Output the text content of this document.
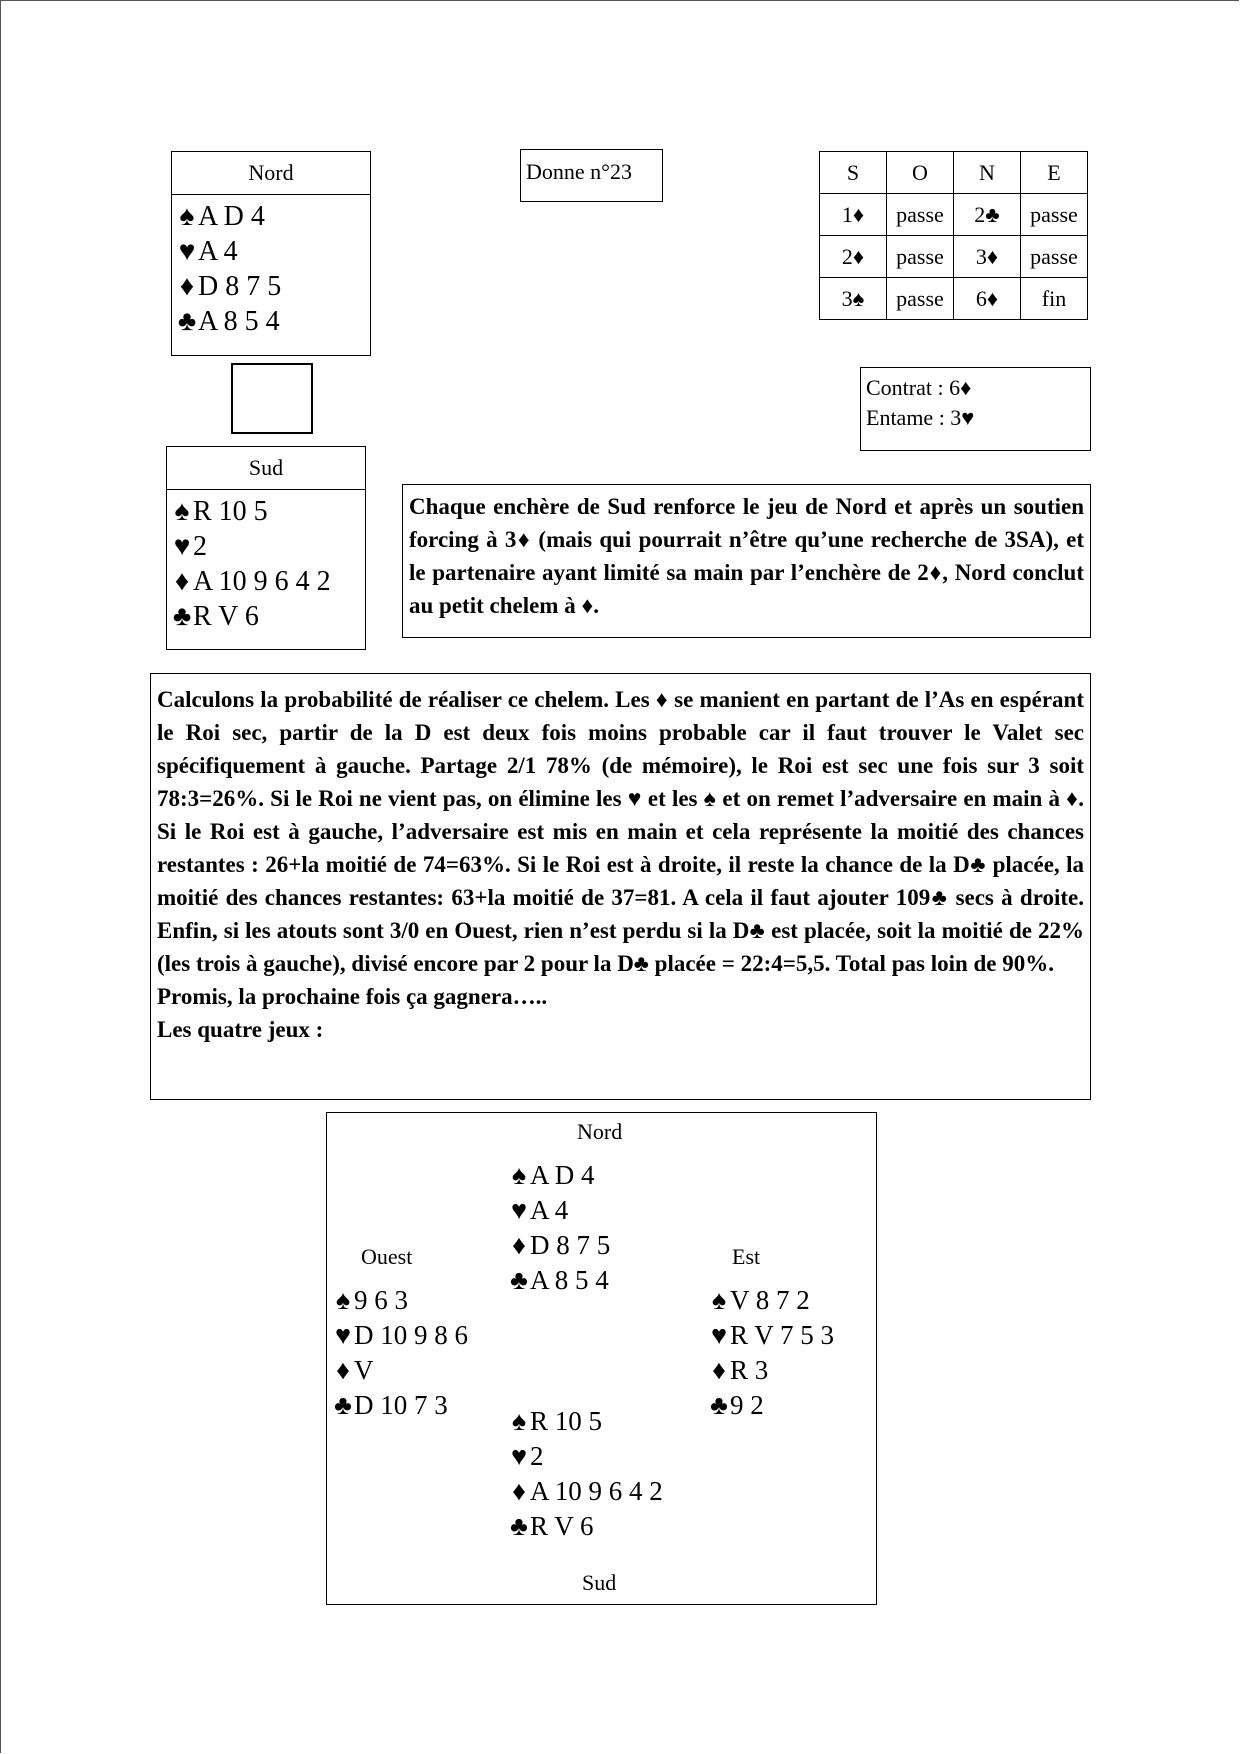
Nord
♠ A D 4
♥A 4
♦ D 8 7 5
♣A 8 5 4
Sud
♠ R 10 5
♥2
♦ A 10 9 6 4 2
♣R V 6
Donne n°23	S	O	N	E
1♦	passe	2♣	passe
2♦	passe	3♦	passe
3♠	passe	6♦	fin
Contrat : 6♦
Entame : 3♥
Chaque enchère de Sud renforce le jeu de Nord et après un soutien forcing à 3♦ (mais qui pourrait n’être qu’une recherche de 3SA), et le partenaire ayant limité sa main par l’enchère de 2♦, Nord conclut au petit chelem à ♦.
Calculons la probabilité de réaliser ce chelem. Les ♦ se manient en partant de l’As en espérant le Roi sec, partir de la D est deux fois moins probable car il faut trouver le Valet sec spécifiquement à gauche. Partage 2/1 78% (de mémoire), le Roi est sec une fois sur 3 soit 78:3=26%. Si le Roi ne vient pas, on élimine les ♥ et les ♠ et on remet l’adversaire en main à ♦. Si le Roi est à gauche, l’adversaire est mis en main et cela représente la moitié des chances restantes : 26+la moitié de 74=63%. Si le Roi est à droite, il reste la chance de la D♣ placée, la moitié des chances restantes: 63+la moitié de 37=81. A cela il faut ajouter 109♣ secs à droite. Enfin, si les atouts sont 3/0 en Ouest, rien n’est perdu si la D♣ est placée, soit la moitié de 22% (les trois à gauche), divisé encore par 2 pour la D♣ placée = 22:4=5,5. Total pas loin de 90%.
Promis, la prochaine fois ça gagnera…..
Les quatre jeux :
Nord
♠ A D 4
♥ A 4
♦ D 8 7 5
♣A 8 5 4
Ouest
♠ 9 6 3
♥ D 10 9 8 6
♦ V
♣D 10 7 3
Est
♠ V 8 7 2
♥ R V 7 5 3
♦ R 3
♣9 2
♠ R 10 5
♥ 2
♦ A 10 9 6 4 2
♣R V 6
Sud
